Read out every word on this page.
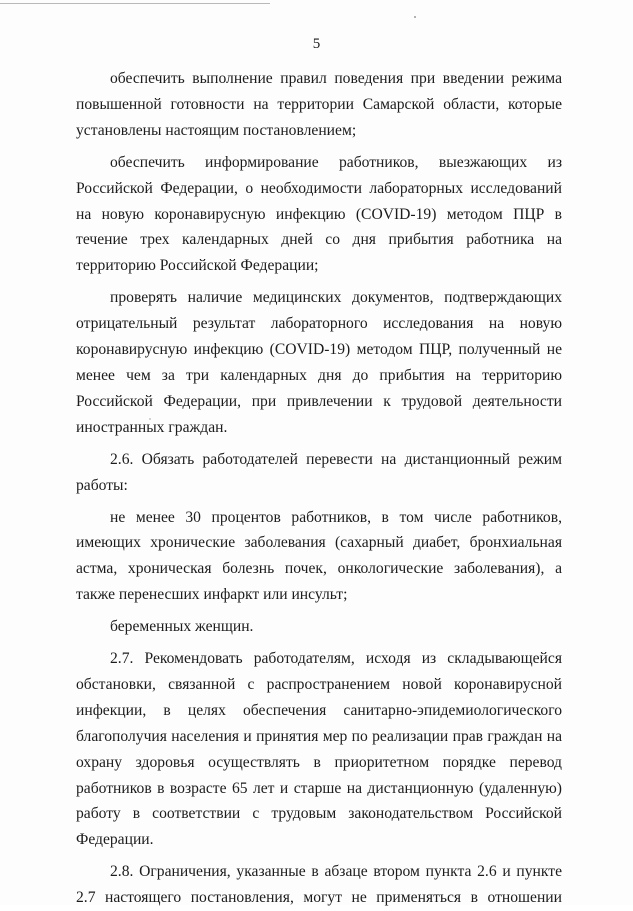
5

обеспечить выполнение правил поведения при введении режима повышенной готовности на территории Самарской области, которые установлены настоящим постановлением;

обеспечить информирование работников, выезжающих из Российской Федерации, о необходимости лабораторных исследований на новую коронавирусную инфекцию (COVID-19) методом ПЦР в течение трех календарных дней со дня прибытия работника на территорию Российской Федерации;

проверять наличие медицинских документов, подтверждающих отрицательный результат лабораторного исследования на новую коронавирусную инфекцию (COVID-19) методом ПЦР, полученный не менее чем за три календарных дня до прибытия на территорию Российской Федерации, при привлечении к трудовой деятельности иностранных граждан.

2.6. Обязать работодателей перевести на дистанционный режим работы:

не менее 30 процентов работников, в том числе работников, имеющих хронические заболевания (сахарный диабет, бронхиальная астма, хроническая болезнь почек, онкологические заболевания), а также перенесших инфаркт или инсульт;

беременных женщин.

2.7. Рекомендовать работодателям, исходя из складывающейся обстановки, связанной с распространением новой коронавирусной инфекции, в целях обеспечения санитарно-эпидемиологического благополучия населения и принятия мер по реализации прав граждан на охрану здоровья осуществлять в приоритетном порядке перевод работников в возрасте 65 лет и старше на дистанционную (удаленную) работу в соответствии с трудовым законодательством Российской Федерации.

2.8. Ограничения, указанные в абзаце втором пункта 2.6 и пункте 2.7 настоящего постановления, могут не применяться в отношении
